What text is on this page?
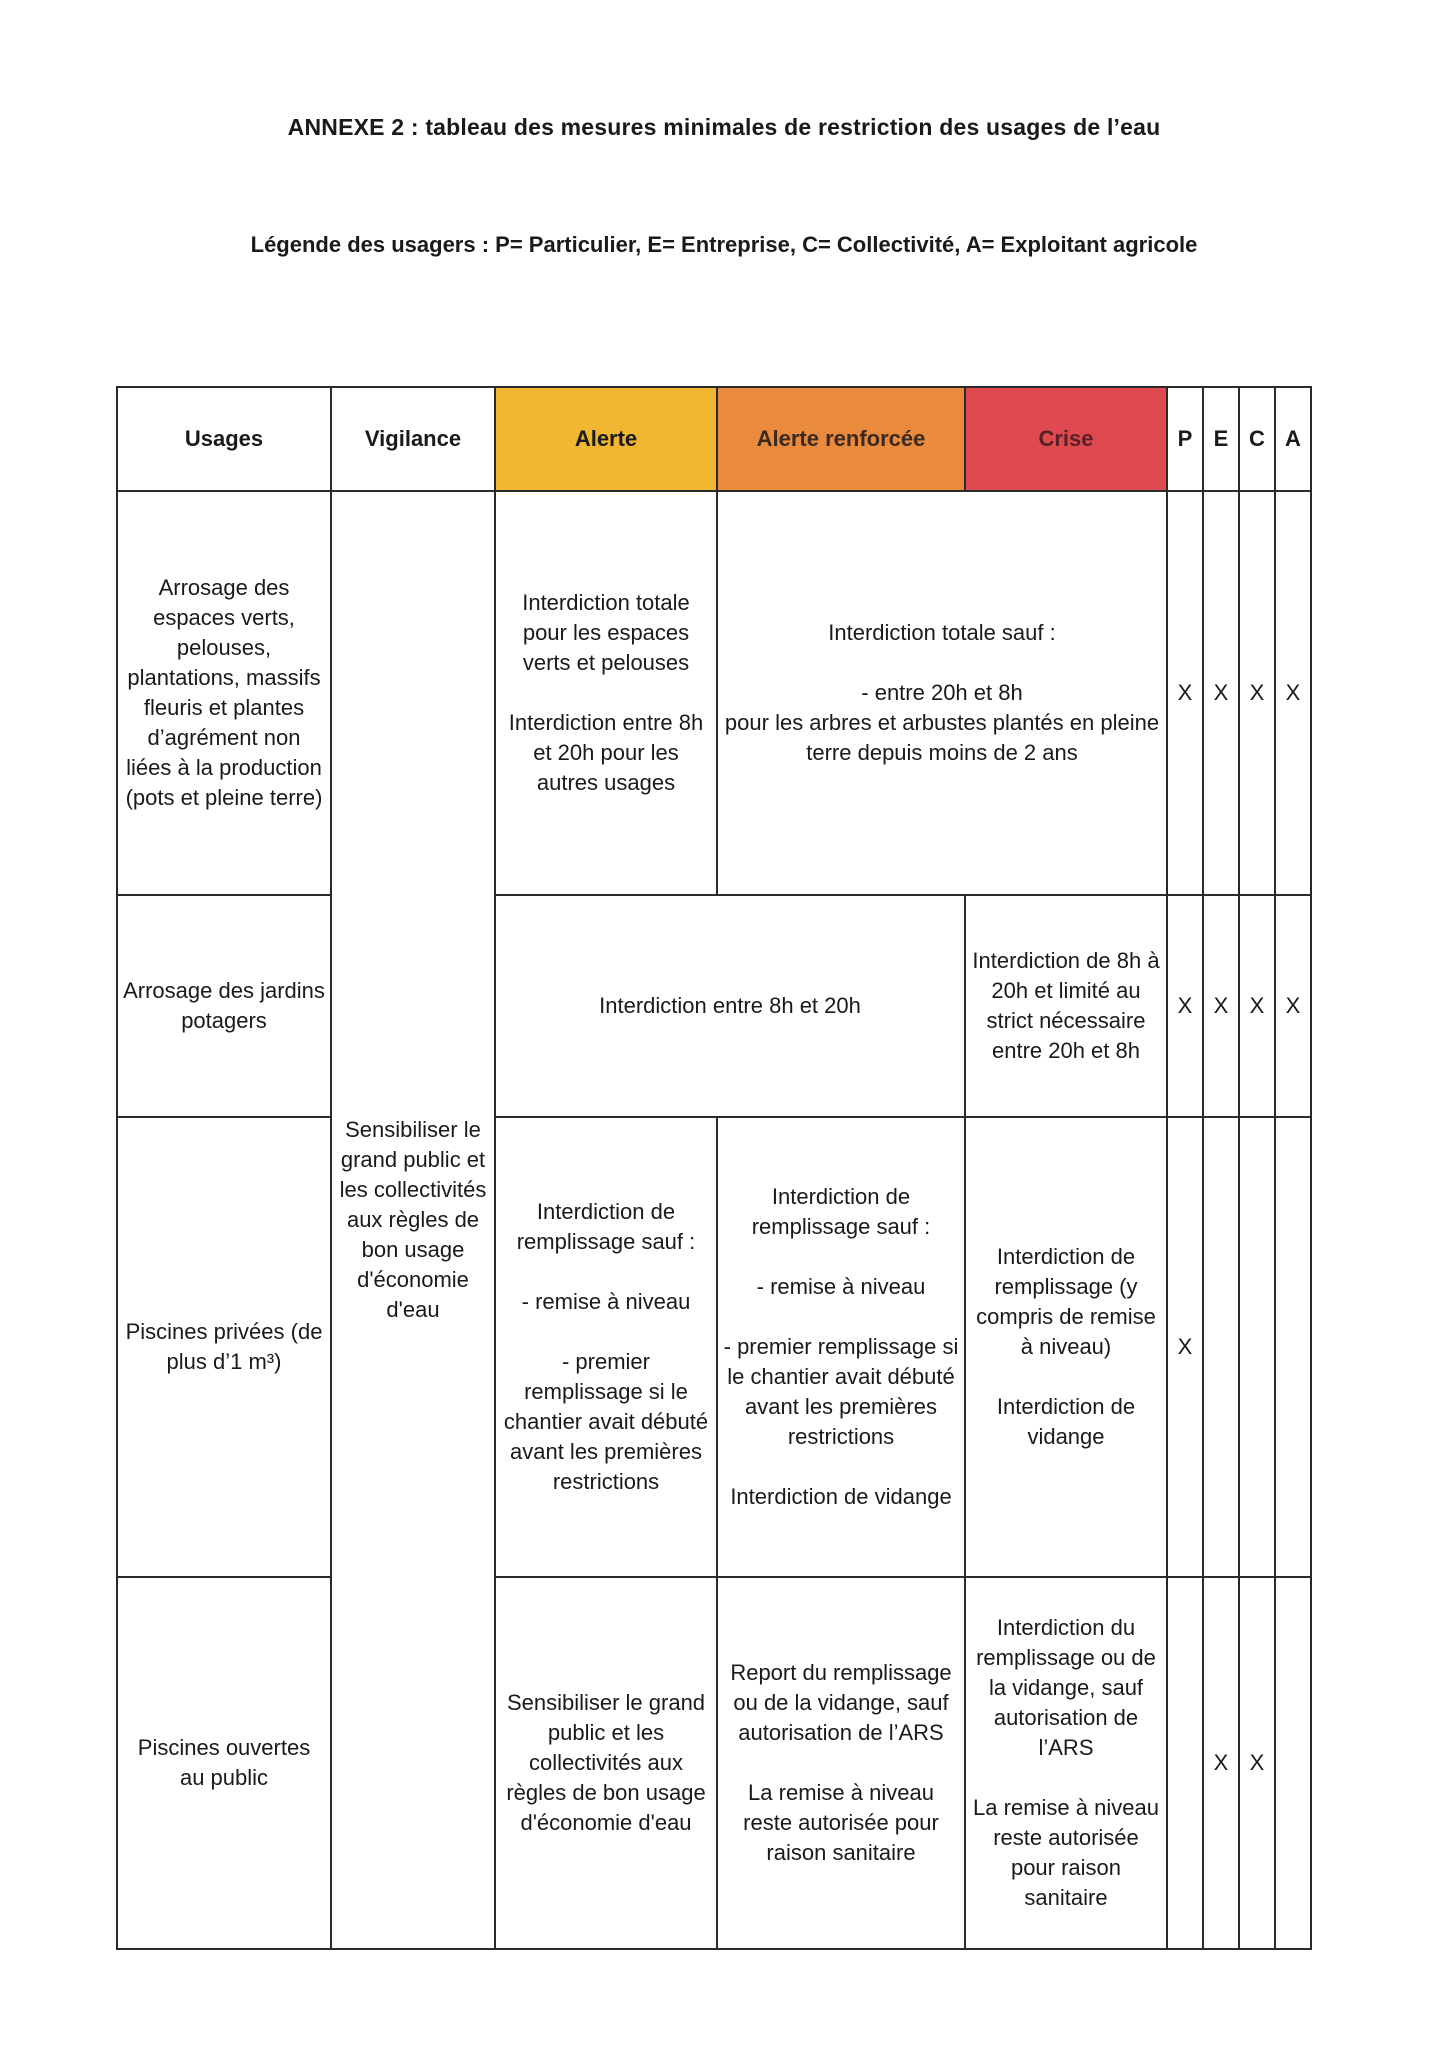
ANNEXE 2 : tableau des mesures minimales de restriction des usages de l’eau
Légende des usagers : P= Particulier, E= Entreprise, C= Collectivité, A= Exploitant agricole
Usages	Vigilance	Alerte	Alerte renforcée	Crise	P	E	C	A
Arrosage des espaces verts, pelouses, plantations, massifs fleuris et plantes d’agrément non liées à la production (pots et pleine terre)	Sensibiliser le grand public et les collectivités aux règles de bon usage d'économie d'eau	Interdiction totale pour les espaces verts et pelouses
Interdiction entre 8h et 20h pour les autres usages	Interdiction totale sauf :
- entre 20h et 8h
pour les arbres et arbustes plantés en pleine terre depuis moins de 2 ans		X	X	X	X
Arrosage des jardins potagers		Interdiction entre 8h et 20h		Interdiction de 8h à 20h et limité au strict nécessaire entre 20h et 8h	X	X	X	X
Piscines privées (de plus d’1 m³)		Interdiction de remplissage sauf :
- remise à niveau
- premier remplissage si le chantier avait débuté avant les premières restrictions	Interdiction de remplissage sauf :
- remise à niveau
- premier remplissage si le chantier avait débuté avant les premières restrictions
Interdiction de vidange	Interdiction de remplissage (y compris de remise à niveau)
Interdiction de vidange	X			
Piscines ouvertes au public		Sensibiliser le grand public et les collectivités aux règles de bon usage d'économie d'eau	Report du remplissage ou de la vidange, sauf autorisation de l’ARS
La remise à niveau reste autorisée pour raison sanitaire	Interdiction du remplissage ou de la vidange, sauf autorisation de l’ARS
La remise à niveau reste autorisée pour raison sanitaire		X	X	
